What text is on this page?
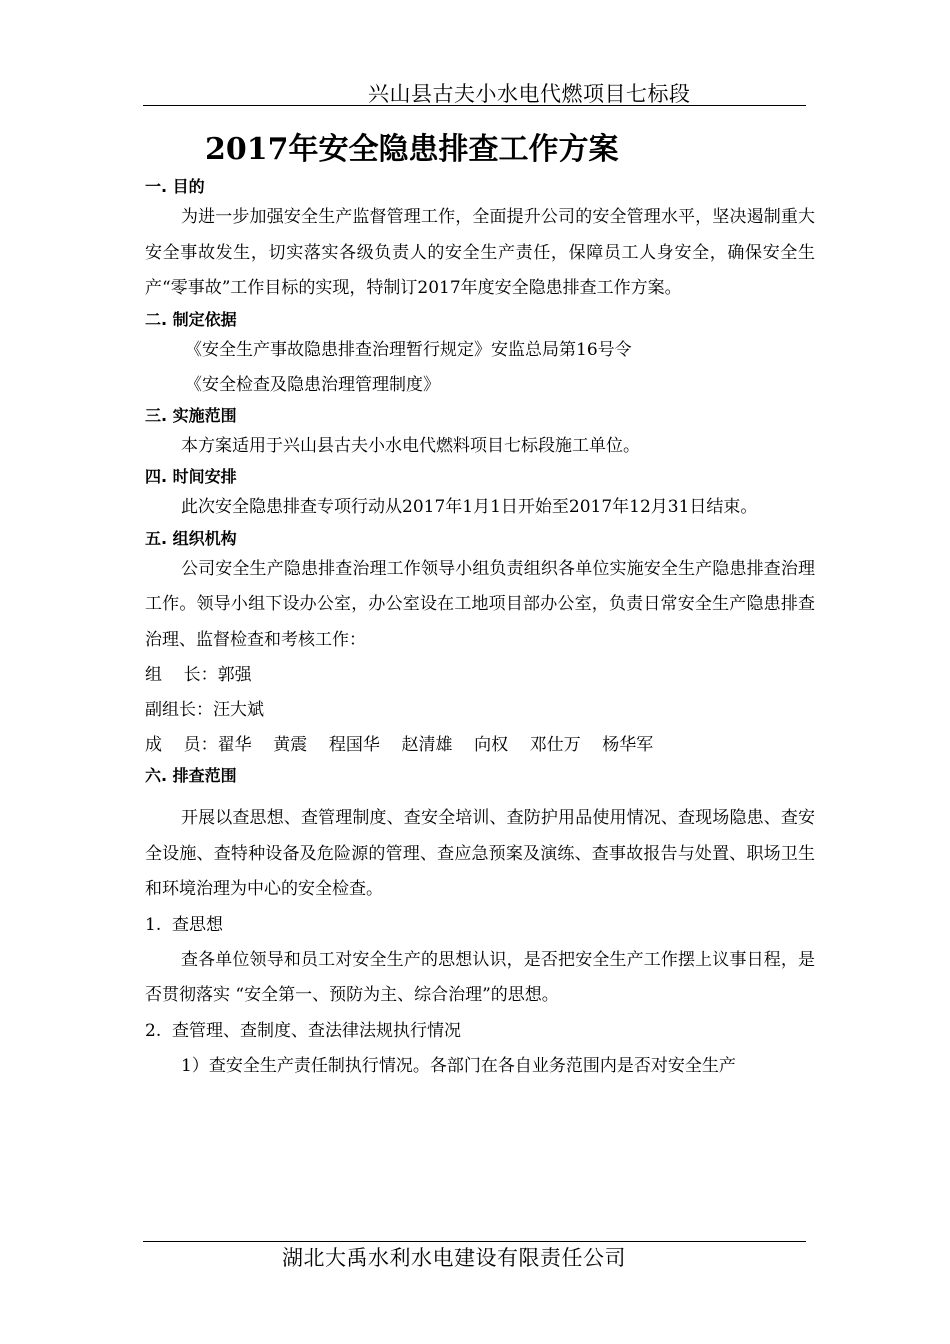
兴山县古夫小水电代燃项目七标段
2017年安全隐患排查工作方案
一. 目的

为进一步加强安全生产监督管理工作，全面提升公司的安全管理水平，坚决遏制重大安全事故发生，切实落实各级负责人的安全生产责任，保障员工人身安全，确保安全生产“零事故”工作目标的实现，特制订2017年度安全隐患排查工作方案。

二. 制定依据
《安全生产事故隐患排查治理暂行规定》安监总局第16号令
《安全检查及隐患治理管理制度》
三. 实施范围

本方案适用于兴山县古夫小水电代燃料项目七标段施工单位。

四. 时间安排

此次安全隐患排查专项行动从2017年1月1日开始至2017年12月31日结束。

五. 组织机构

公司安全生产隐患排查治理工作领导小组负责组织各单位实施安全生产隐患排查治理工作。领导小组下设办公室，办公室设在工地项目部办公室，负责日常安全生产隐患排查治理、监督检查和考核工作：

组    长：郭强
副组长：汪大斌
成    员：翟华    黄震    程国华    赵清雄    向权    邓仕万    杨华军
六. 排查范围

开展以查思想、查管理制度、查安全培训、查防护用品使用情况、查现场隐患、查安全设施、查特种设备及危险源的管理、查应急预案及演练、查事故报告与处置、职场卫生和环境治理为中心的安全检查。

1.  查思想

查各单位领导和员工对安全生产的思想认识，是否把安全生产工作摆上议事日程，是否贯彻落实 “安全第一、预防为主、综合治理”的思想。

2.  查管理、查制度、查法律法规执行情况

1）查安全生产责任制执行情况。各部门在各自业务范围内是否对安全生产

湖北大禹水利水电建设有限责任公司
